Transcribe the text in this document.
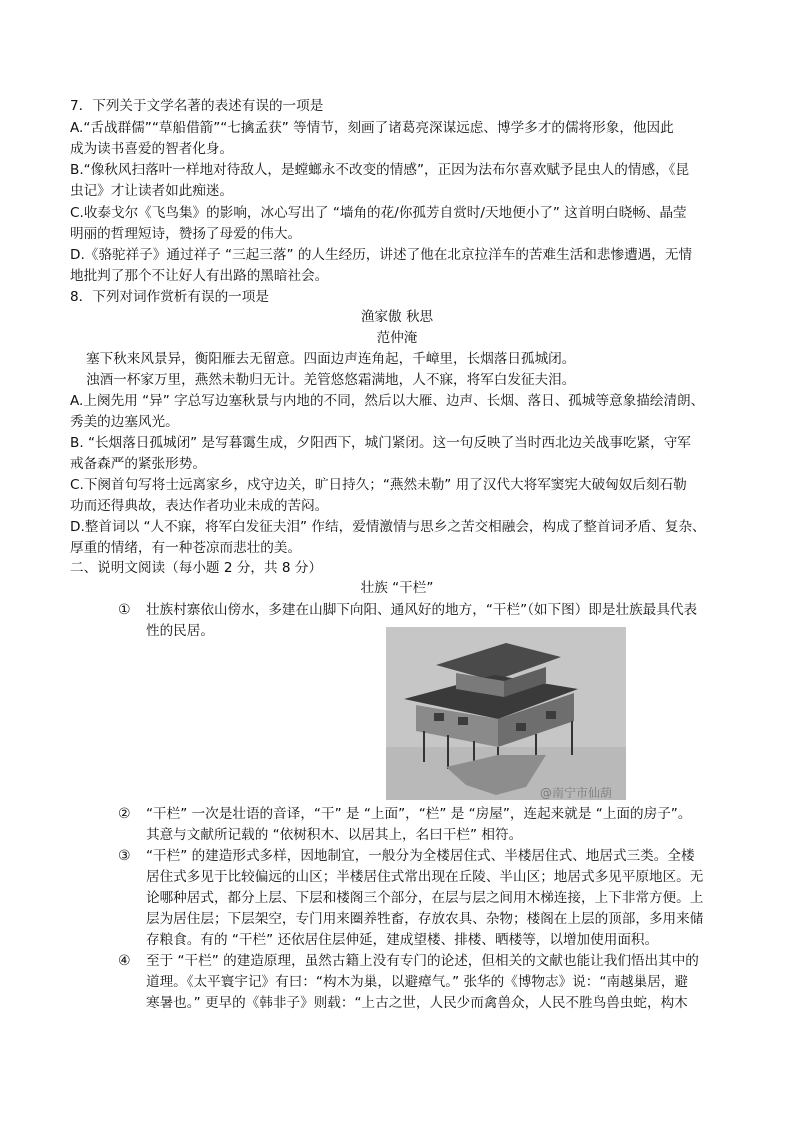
7．下列关于文学名著的表述有误的一项是
A.“舌战群儒”“草船借箭”“七擒孟获” 等情节，刻画了诸葛亮深谋远虑、博学多才的儒将形象，他因此
成为读书喜爱的智者化身。
B.“像秋风扫落叶一样地对待敌人，是螳螂永不改变的情感”，正因为法布尔喜欢赋予昆虫人的情感，《昆
虫记》才让读者如此痴迷。
C.收泰戈尔《飞鸟集》的影响，冰心写出了 “墙角的花/你孤芳自赏时/天地便小了” 这首明白晓畅、晶莹
明丽的哲理短诗，赞扬了母爱的伟大。
D.《骆驼祥子》通过祥子 “三起三落” 的人生经历，讲述了他在北京拉洋车的苦难生活和悲惨遭遇，无情
地批判了那个不让好人有出路的黑暗社会。
8．下列对词作赏析有误的一项是
渔家傲 秋思
范仲淹
塞下秋来风景异，衡阳雁去无留意。四面边声连角起，千嶂里，长烟落日孤城闭。
浊酒一杯家万里，燕然未勒归无计。羌管悠悠霜满地，人不寐，将军白发征夫泪。
A.上阕先用 “异” 字总写边塞秋景与内地的不同，然后以大雁、边声、长烟、落日、孤城等意象描绘清朗、
秀美的边塞风光。
B. “长烟落日孤城闭” 是写暮霭生成，夕阳西下，城门紧闭。这一句反映了当时西北边关战事吃紧，守军
戒备森严的紧张形势。
C.下阕首句写将士远离家乡，戍守边关，旷日持久；“燕然未勒” 用了汉代大将军窦宪大破匈奴后刻石勒
功而还得典故，表达作者功业未成的苦闷。
D.整首词以 “人不寐，将军白发征夫泪” 作结，爱情激情与思乡之苦交相融会，构成了整首词矛盾、复杂、
厚重的情绪，有一种苍凉而悲壮的美。
二、说明文阅读（每小题 2 分，共 8 分）
壮族 “干栏”
① 壮族村寨依山傍水，多建在山脚下向阳、通风好的地方，“干栏”（如下图）即是壮族最具代表
性的民居。
@南宁市仙葫
② “干栏” 一次是壮语的音译，“干” 是 “上面”，“栏” 是 “房屋”，连起来就是 “上面的房子”。
其意与文献所记载的 “依树积木、以居其上，名曰干栏” 相符。
③ “干栏” 的建造形式多样，因地制宜，一般分为全楼居住式、半楼居住式、地居式三类。全楼
居住式多见于比较偏远的山区；半楼居住式常出现在丘陵、半山区；地居式多见平原地区。无
论哪种居式，都分上层、下层和楼阁三个部分，在层与层之间用木梯连接，上下非常方便。上
层为居住层；下层架空，专门用来圈养牲畜，存放农具、杂物；楼阁在上层的顶部，多用来储
存粮食。有的 “干栏” 还依居住层伸延，建成望楼、排楼、晒楼等，以增加使用面积。
④ 至于 “干栏” 的建造原理，虽然古籍上没有专门的论述，但相关的文献也能让我们悟出其中的
道理。《太平寰宇记》有曰：“构木为巢，以避瘴气。” 张华的《博物志》说：“南越巢居，避
寒暑也。” 更早的《韩非子》则载：“上古之世，人民少而禽兽众，人民不胜鸟兽虫蛇，构木
